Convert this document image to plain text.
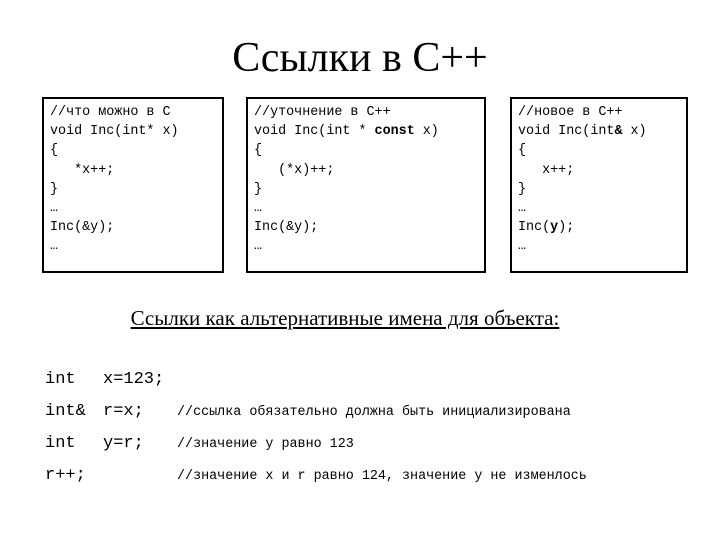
Ссылки в C++
//что можно в C
void Inc(int* x)
{
*x++;
}
…
Inc(&y);
…
//уточнение в C++
void Inc(int * const x)
{
(*x)++;
}
…
Inc(&y);
…
//новое в C++
void Inc(int& x)
{
x++;
}
…
Inc(y);
…
Ссылки как альтернативные имена для объекта:
int x=123;
int& r=x; //ссылка обязательно должна быть инициализирована
int y=r; //значение y равно 123
r++;	//значение x и r равно 124, значение y не изменлось
